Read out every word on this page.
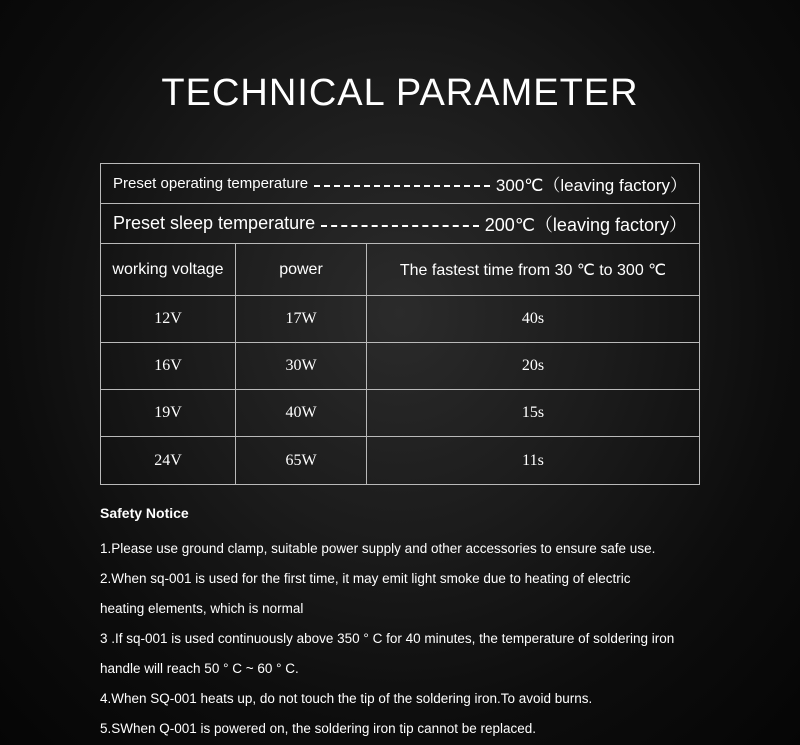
TECHNICAL PARAMETER
Preset operating temperature	300℃（leaving factory）
Preset sleep temperature	200℃（leaving factory）
working voltage	power	The fastest time from 30 ℃ to 300 ℃
12V	17W	40s
16V	30W	20s
19V	40W	15s
24V	65W	11s
Safety Notice
1.Please use ground clamp, suitable power supply and other accessories to ensure safe use.
2.When sq-001 is used for the first time, it may emit light smoke due to heating of electric
heating elements, which is normal
3 .If sq-001 is used continuously above 350 ° C for 40 minutes, the temperature of soldering iron
handle will reach 50 ° C ~ 60 ° C.
4.When SQ-001 heats up, do not touch the tip of the soldering iron.To avoid burns.
5.SWhen Q-001 is powered on, the soldering iron tip cannot be replaced.
